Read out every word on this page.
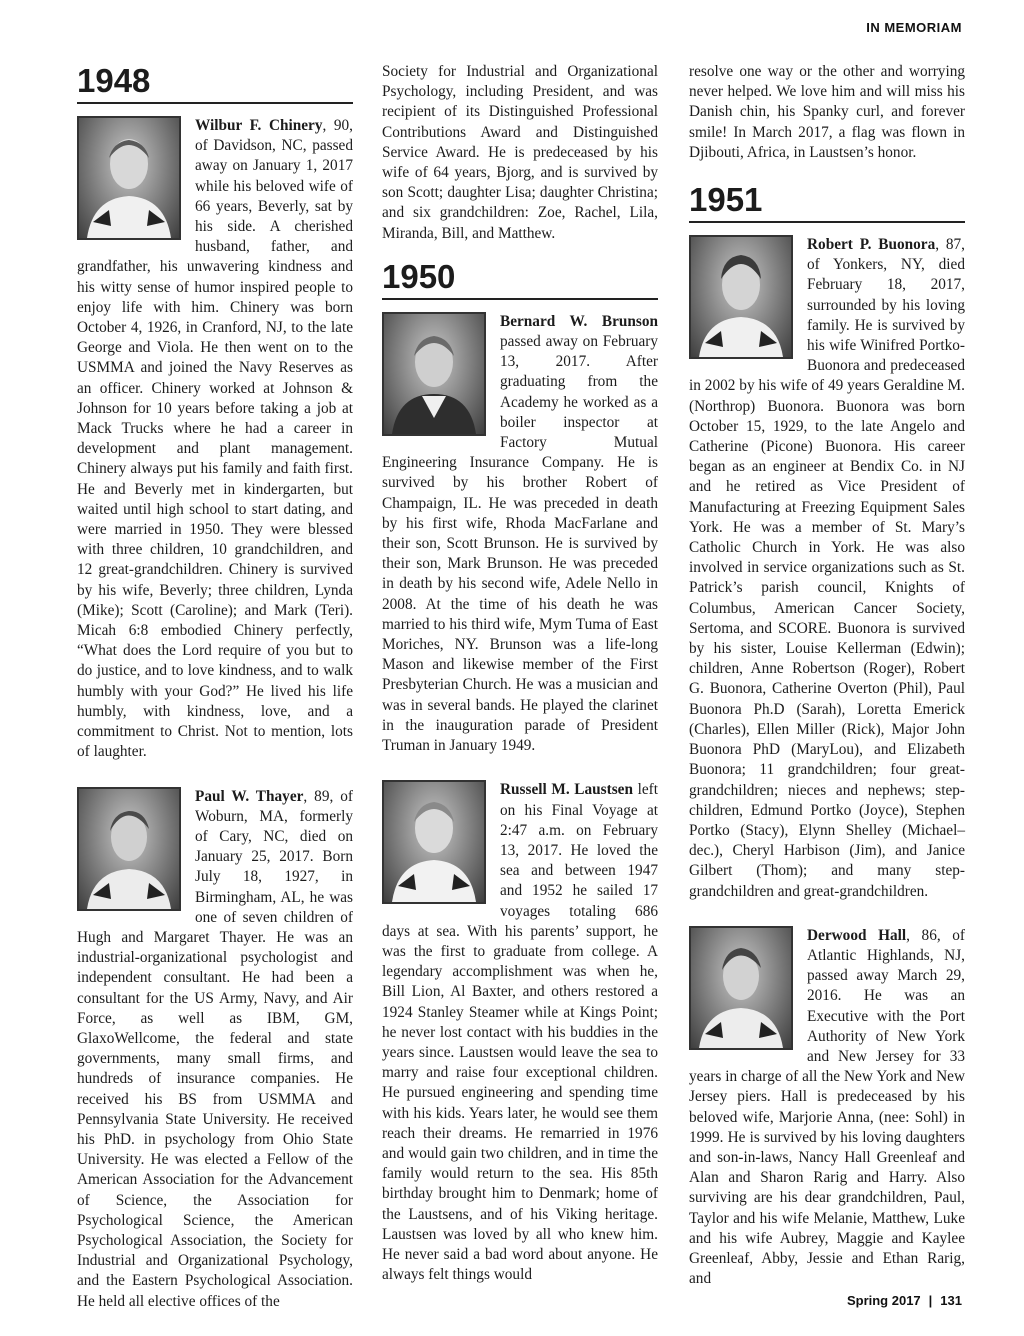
IN MEMORIAM
1948

Wilbur F. Chinery, 90, of Davidson, NC, passed away on January 1, 2017 while his beloved wife of 66 years, Beverly, sat by his side. A cherished husband, father, and grandfather, his unwavering kindness and his witty sense of humor inspired people to enjoy life with him. Chinery was born October 4, 1926, in Cranford, NJ, to the late George and Viola. He then went on to the USMMA and joined the Navy Reserves as an officer. Chinery worked at Johnson & Johnson for 10 years before taking a job at Mack Trucks where he had a career in development and plant management. Chinery always put his family and faith first. He and Beverly met in kindergarten, but waited until high school to start dating, and were married in 1950. They were blessed with three children, 10 grandchildren, and 12 great-grandchildren. Chinery is survived by his wife, Beverly; three children, Lynda (Mike); Scott (Caroline); and Mark (Teri). Micah 6:8 embodied Chinery perfectly, “What does the Lord require of you but to do justice, and to love kindness, and to walk humbly with your God?” He lived his life humbly, with kindness, love, and a commitment to Christ. Not to mention, lots of laughter.

Paul W. Thayer, 89, of Woburn, MA, formerly of Cary, NC, died on January 25, 2017. Born July 18, 1927, in Birmingham, AL, he was one of seven children of Hugh and Margaret Thayer. He was an industrial-organizational psychologist and independent consultant. He had been a consultant for the US Army, Navy, and Air Force, as well as IBM, GM, GlaxoWellcome, the federal and state governments, many small firms, and hundreds of insurance companies. He received his BS from USMMA and Pennsylvania State University. He received his PhD. in psychology from Ohio State University. He was elected a Fellow of the American Association for the Advancement of Science, the Association for Psychological Science, the American Psychological Association, the Society for Industrial and Organizational Psychology, and the Eastern Psychological Association. He held all elective offices of the

Society for Industrial and Organizational Psychology, including President, and was recipient of its Distinguished Professional Contributions Award and Distinguished Service Award. He is predeceased by his wife of 64 years, Bjorg, and is survived by son Scott; daughter Lisa; daughter Christina; and six grandchildren: Zoe, Rachel, Lila, Miranda, Bill, and Matthew.

1950

Bernard W. Brunson passed away on February 13, 2017. After graduating from the Academy he worked as a boiler inspector at Factory Mutual Engineering Insurance Company. He is survived by his brother Robert of Champaign, IL. He was preceded in death by his first wife, Rhoda MacFarlane and their son, Scott Brunson. He is survived by their son, Mark Brunson. He was preceded in death by his second wife, Adele Nello in 2008. At the time of his death he was married to his third wife, Mym Tuma of East Moriches, NY. Brunson was a life-long Mason and likewise member of the First Presbyterian Church. He was a musician and was in several bands. He played the clarinet in the inauguration parade of President Truman in January 1949.

Russell M. Laustsen left on his Final Voyage at 2:47 a.m. on February 13, 2017. He loved the sea and between 1947 and 1952 he sailed 17 voyages totaling 686 days at sea. With his parents’ support, he was the first to graduate from college. A legendary accomplishment was when he, Bill Lion, Al Baxter, and others restored a 1924 Stanley Steamer while at Kings Point; he never lost contact with his buddies in the years since. Laustsen would leave the sea to marry and raise four exceptional children. He pursued engineering and spending time with his kids. Years later, he would see them reach their dreams. He remarried in 1976 and would gain two children, and in time the family would return to the sea. His 85th birthday brought him to Denmark; home of the Laustsens, and of his Viking heritage. Laustsen was loved by all who knew him. He never said a bad word about anyone. He always felt things would

resolve one way or the other and worrying never helped. We love him and will miss his Danish chin, his Spanky curl, and forever smile! In March 2017, a flag was flown in Djibouti, Africa, in Laustsen’s honor.

1951

Robert P. Buonora, 87, of Yonkers, NY, died February 18, 2017, surrounded by his loving family. He is survived by his wife Winifred Portko-Buonora and predeceased in 2002 by his wife of 49 years Geraldine M. (Northrop) Buonora. Buonora was born October 15, 1929, to the late Angelo and Catherine (Picone) Buonora. His career began as an engineer at Bendix Co. in NJ and he retired as Vice President of Manufacturing at Freezing Equipment Sales York. He was a member of St. Mary’s Catholic Church in York. He was also involved in service organizations such as St. Patrick’s parish council, Knights of Columbus, American Cancer Society, Sertoma, and SCORE. Buonora is survived by his sister, Louise Kellerman (Edwin); children, Anne Robertson (Roger), Robert G. Buonora, Catherine Overton (Phil), Paul Buonora Ph.D (Sarah), Loretta Emerick (Charles), Ellen Miller (Rick), Major John Buonora PhD (MaryLou), and Elizabeth Buonora; 11 grandchildren; four great-grandchildren; nieces and nephews; step-children, Edmund Portko (Joyce), Stephen Portko (Stacy), Elynn Shelley (Michael–dec.), Cheryl Harbison (Jim), and Janice Gilbert (Thom); and many step-grandchildren and great-grandchildren.

Derwood Hall, 86, of Atlantic Highlands, NJ, passed away March 29, 2016. He was an Executive with the Port Authority of New York and New Jersey for 33 years in charge of all the New York and New Jersey piers. Hall is predeceased by his beloved wife, Marjorie Anna, (nee: Sohl) in 1999. He is survived by his loving daughters and son-in-laws, Nancy Hall Greenleaf and Alan and Sharon Rarig and Harry. Also surviving are his dear grandchildren, Paul, Taylor and his wife Melanie, Matthew, Luke and his wife Aubrey, Maggie and Kaylee Greenleaf, Abby, Jessie and Ethan Rarig, and

Spring 2017 | 131
